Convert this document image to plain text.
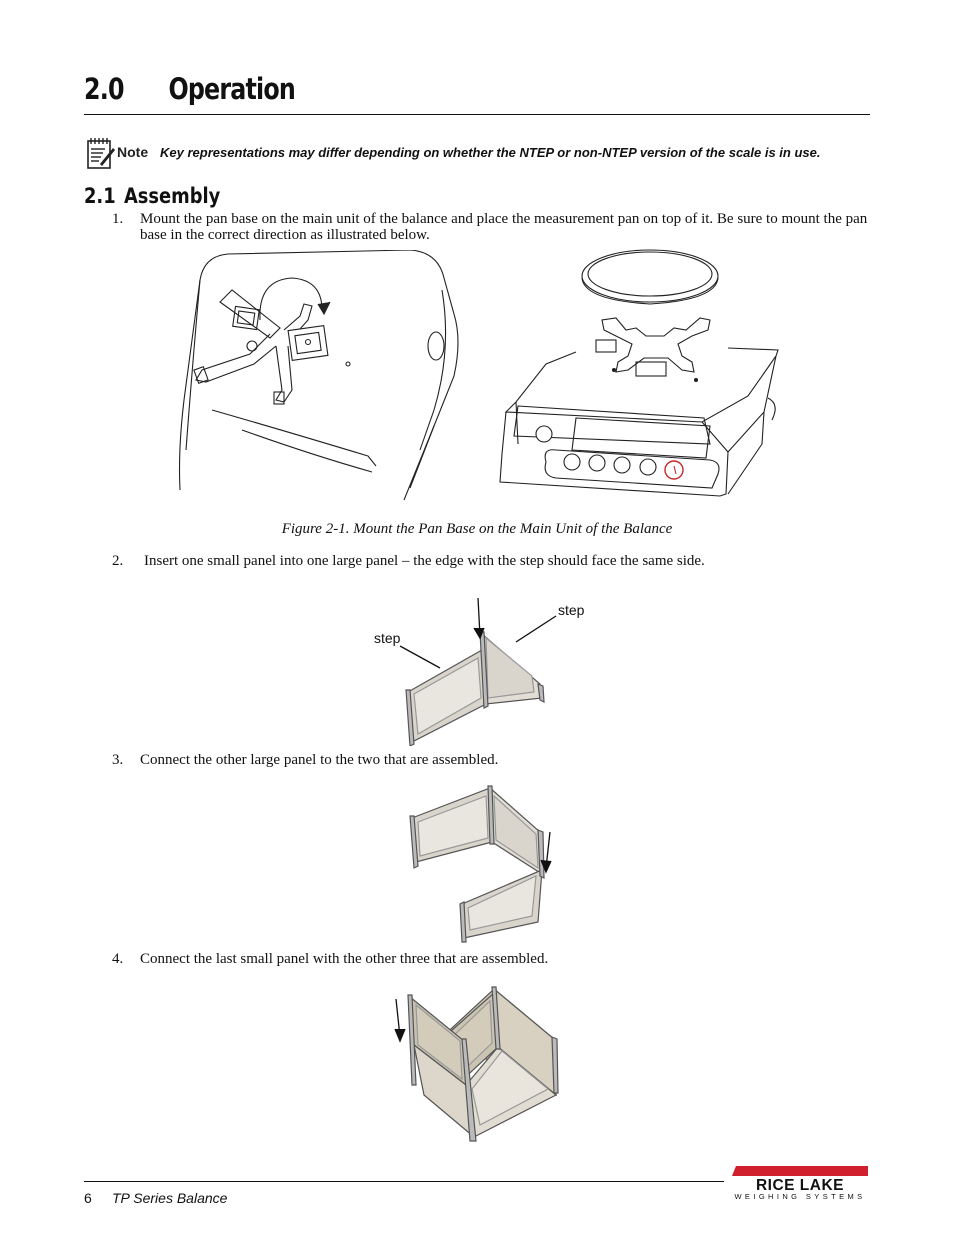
2.0 Operation
Note Key representations may differ depending on whether the NTEP or non-NTEP version of the scale is in use.
2.1 Assembly
1. Mount the pan base on the main unit of the balance and place the measurement pan on top of it. Be sure to mount the pan base in the correct direction as illustrated below.
Figure 2-1. Mount the Pan Base on the Main Unit of the Balance
2. Insert one small panel into one large panel – the edge with the step should face the same side.
step
step
3. Connect the other large panel to the two that are assembled.
4. Connect the last small panel with the other three that are assembled.
6 TP Series Balance
RICE LAKE
WEIGHING SYSTEMS
